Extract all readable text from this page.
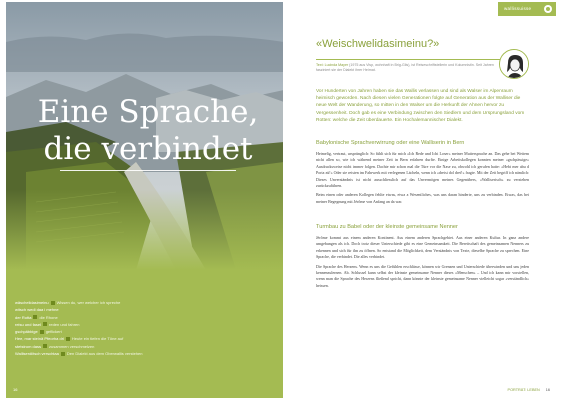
Eine Sprache,
die verbindet
wäschelidasimeinu Wissen du, wer welcher ich spreche
witsch wedi daa i mehne
der Rotta die Rhone
reisu und fasel reden und fahren
gschpäbbige geflickert
Hee, mar steinä Pfeorha dri Heute ein tiefen die Töne auf
stetstrom dass zusammen verschmelzen
Walliserdiitsch verschtaa Den Dialekt aus dem Oberwallis verstehen
16
wallissuisse
«Weischwelidasimeinu?»
Text: Lucinda Mayer (1975 aus Visp, wohnhaft in Brig-Glis), ist Reiseschriftstellerin und Kolumnistin. Seit Jahren fasziniert sie der Dialekt ihrer Heimat.
Vor Hunderten von Jahren haben sie das Wallis verlassen und sind als Walser im Alpenraum heimisch geworden. Nach diesen vielen Generationen folgte auf Generation aus der Walliser die neue Welt der Wanderung, so mitten in den Walser um die Herkunft der Ahnen hervor zu Vergessenheit. Doch gab es eine Verbindung zwischen den Siedlern und dem Ursprungsland vom Rotten: welche die Zeit überdauerte. Ein Hochalemannischer Dialekt.
Babylonische Sprachverwirrung oder eine Walliserin in Bern

Heimelig, vertraut, ursprünglich: So fühlt sich für mich «Ich Rede und Ichi Loser» meiner Muttersprache an. Das gehe bei Weitem nicht allen so, wie ich während meiner Zeit in Bern erfahren durfte. Einige Arbeitskollegen konnten meiner «gschpässige» Ausdrucksweise nicht immer folgen. Dachte mir schon mal die Türe vor die Nase zu, obwohl ich gerufen hatte: «Hebt mer abu d Porta zü!» Oder sie reisten im Fahrwerk mit verlegenen Lächeln, wenn ich «dreisi dol drei!» fragte. Mit der Zeit begriff ich nämlich: Dieses Unverständnis ist nicht ausschliesslich auf das Unvermögen meines Gegenübers, «Walliserisch» zu verstehen zurückzuführen.

Beim einen oder anderen Kollegen fehlte etwas, etwa a Wesentliches, was uns daran hinderte, uns zu verbinden. Etwas, das bei meiner Begegnung mit Jérôme von Anfang an da war.

Turmbau zu Babel oder der kleinste gemeinsame Nenner

Jérôme kommt aus einem anderen Kontinent. Aus einem anderen Sprachgebiet. Aus einer anderen Kultur. In ganz andere umgebungen als ich. Doch trotz dieser Unterschiede gibt es eine Gemeinsamkeit. Die Bereitschaft des gemeinsamen Nenners zu erkennen und sich für ihn zu öffnen. So entstand die Möglichkeit, dem Verständnis von Texte, dieselbe Sprache zu sprechen. Eine Sprache, die verbindet. Die alles verbindet.

Die Sprache des Herzens. Wenn es uns die Gefühlen erschlüsse, können wir Grenzen und Unterschiede überwinden und uns jeden kennenzulernen. Ab. Schlussel kann selbst der kleinste gemeinsame Nenner dieses «Menschen» – Und ich kann mir vorstellen, wenn man die Sprache des Herzens fließend spricht, dann könnte der kleinste gemeinsame Nenner vielleicht sogar «verständlich» heissen.

PORTRÄT: LEBEN 16
